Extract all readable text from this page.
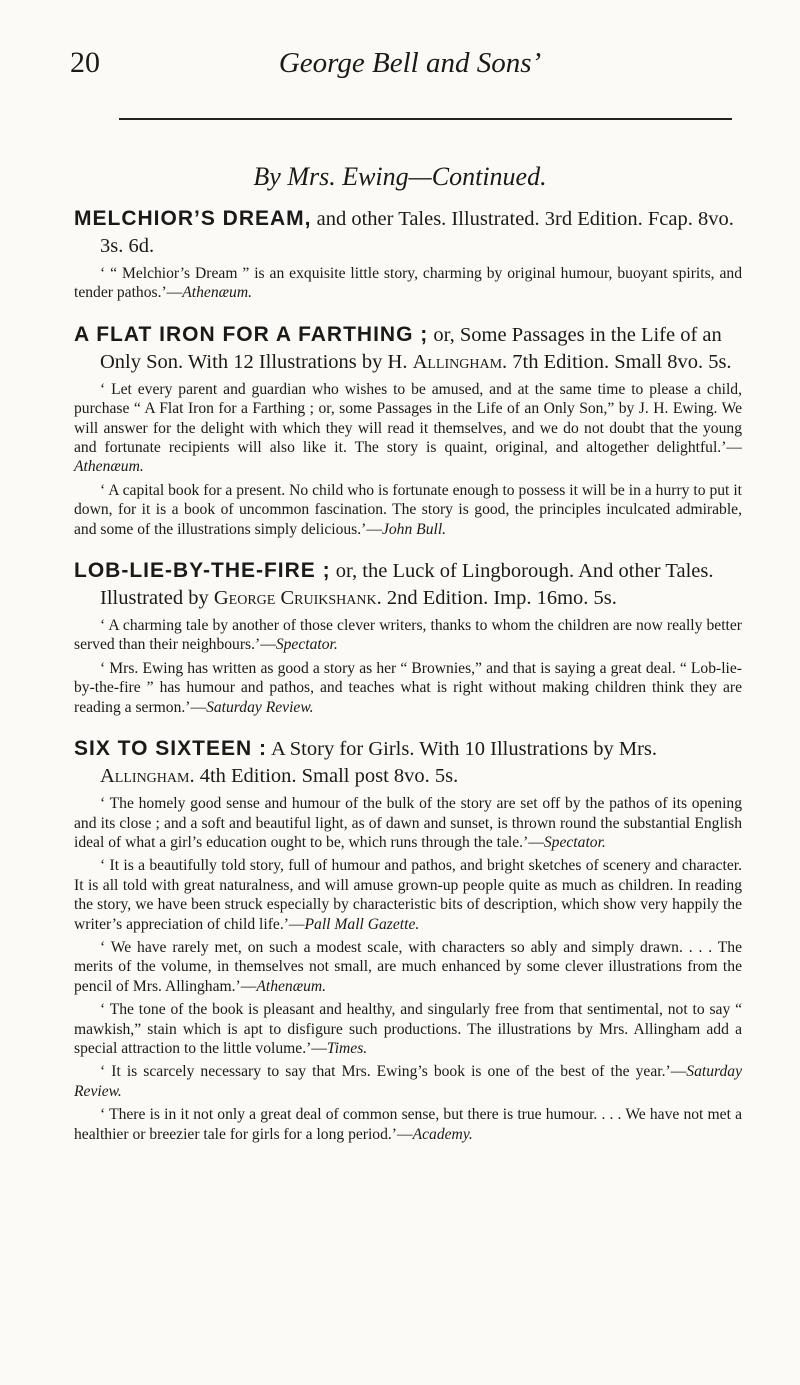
George Bell and Sons’
20
By Mrs. Ewing—Continued.

MELCHIOR’S DREAM, and other Tales. Illustrated. 3rd Edition. Fcap. 8vo. 3s. 6d.

‘ “ Melchior’s Dream ” is an exquisite little story, charming by original humour, buoyant spirits, and tender pathos.’—Athenæum.

A FLAT IRON FOR A FARTHING ; or, Some Passages in the Life of an Only Son. With 12 Illustrations by H. Allingham. 7th Edition. Small 8vo. 5s.

‘ Let every parent and guardian who wishes to be amused, and at the same time to please a child, purchase “ A Flat Iron for a Farthing ; or, some Passages in the Life of an Only Son,” by J. H. Ewing. We will answer for the delight with which they will read it themselves, and we do not doubt that the young and fortunate recipients will also like it. The story is quaint, original, and altogether delightful.’—Athenæum.

‘ A capital book for a present. No child who is fortunate enough to possess it will be in a hurry to put it down, for it is a book of uncommon fascination. The story is good, the principles inculcated admirable, and some of the illustrations simply delicious.’—John Bull.

LOB-LIE-BY-THE-FIRE ; or, the Luck of Lingborough. And other Tales. Illustrated by George Cruikshank. 2nd Edition. Imp. 16mo. 5s.

‘ A charming tale by another of those clever writers, thanks to whom the children are now really better served than their neighbours.’—Spectator.

‘ Mrs. Ewing has written as good a story as her “ Brownies,” and that is saying a great deal. “ Lob-lie-by-the-fire ” has humour and pathos, and teaches what is right without making children think they are reading a sermon.’—Saturday Review.

SIX TO SIXTEEN : A Story for Girls. With 10 Illustrations by Mrs. Allingham. 4th Edition. Small post 8vo. 5s.

‘ The homely good sense and humour of the bulk of the story are set off by the pathos of its opening and its close ; and a soft and beautiful light, as of dawn and sunset, is thrown round the substantial English ideal of what a girl’s education ought to be, which runs through the tale.’—Spectator.

‘ It is a beautifully told story, full of humour and pathos, and bright sketches of scenery and character. It is all told with great naturalness, and will amuse grown-up people quite as much as children. In reading the story, we have been struck especially by characteristic bits of description, which show very happily the writer’s appreciation of child life.’—Pall Mall Gazette.

‘ We have rarely met, on such a modest scale, with characters so ably and simply drawn. . . . The merits of the volume, in themselves not small, are much enhanced by some clever illustrations from the pencil of Mrs. Allingham.’—Athenæum.

‘ The tone of the book is pleasant and healthy, and singularly free from that sentimental, not to say “ mawkish,” stain which is apt to disfigure such productions. The illustrations by Mrs. Allingham add a special attraction to the little volume.’—Times.

‘ It is scarcely necessary to say that Mrs. Ewing’s book is one of the best of the year.’—Saturday Review.

‘ There is in it not only a great deal of common sense, but there is true humour. . . . We have not met a healthier or breezier tale for girls for a long period.’—Academy.
